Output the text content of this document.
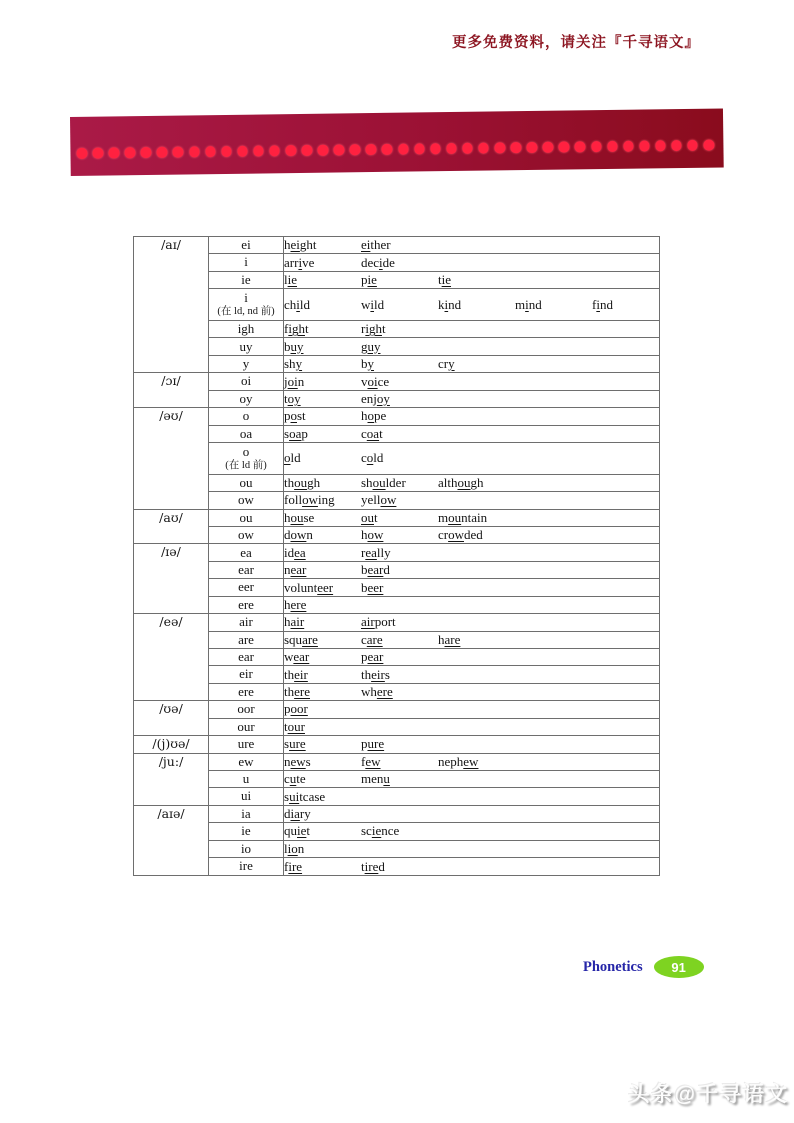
更多免费资料，请关注『千寻语文』
/aɪ/	ei	height either
	i	arrive decide
	ie	lie pie tie
	i
(在 ld, nd 前)	child wild kind mind find
	igh	fight right
	uy	buy guy
	y	shy by cry
/ɔɪ/	oi	join voice
	oy	toy enjoy
/əʊ/	o	post hope
	oa	soap coat
	o
(在 ld 前)	old cold
	ou	though shoulder although
	ow	following yellow
/aʊ/	ou	house out mountain
	ow	down how crowded
/ɪə/	ea	idea really
	ear	near beard
	eer	volunteer beer
	ere	here
/eə/	air	hair airport
	are	square care hare
	ear	wear pear
	eir	their theirs
	ere	there where
/ʊə/	oor	poor
	our	tour
/(j)ʊə/	ure	sure pure
/ju:/	ew	news few nephew
	u	cute menu
	ui	suitcase
/aɪə/	ia	diary
	ie	quiet science
	io	lion
	ire	fire tired
Phonetics	91
头条@千寻语文
